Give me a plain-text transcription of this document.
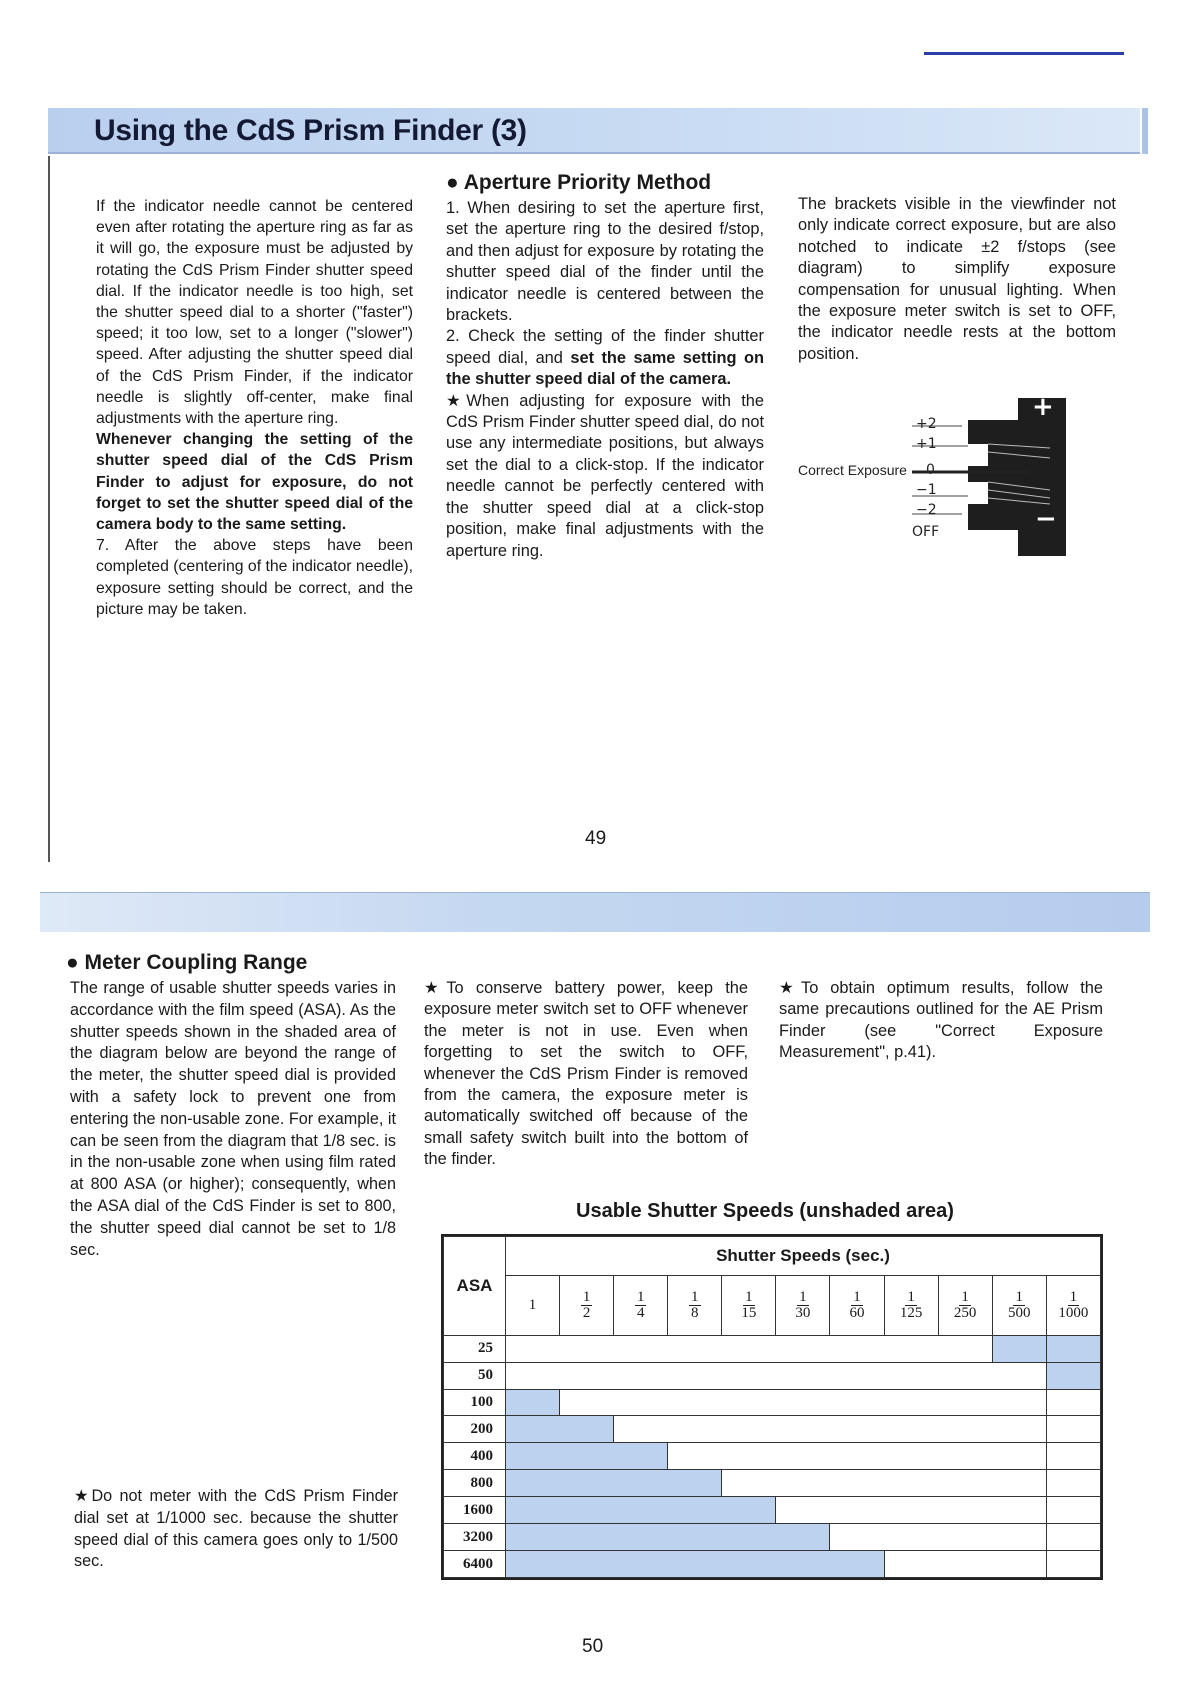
Using the CdS Prism Finder (3)

If the indicator needle cannot be centered even after rotating the aperture ring as far as it will go, the exposure must be adjusted by rotating the CdS Prism Finder shutter speed dial. If the indicator needle is too high, set the shutter speed dial to a shorter ("faster") speed; it too low, set to a longer ("slower") speed. After adjusting the shutter speed dial of the CdS Prism Finder, if the indicator needle is slightly off-center, make final adjustments with the aperture ring.

Whenever changing the setting of the shutter speed dial of the CdS Prism Finder to adjust for exposure, do not forget to set the shutter speed dial of the camera body to the same setting.

7. After the above steps have been completed (centering of the indicator needle), exposure setting should be correct, and the picture may be taken.

● Aperture Priority Method

1. When desiring to set the aperture first, set the aperture ring to the desired f/stop, and then adjust for exposure by rotating the shutter speed dial of the finder until the indicator needle is centered between the brackets.

2. Check the setting of the finder shutter speed dial, and set the same setting on the shutter speed dial of the camera.

★When adjusting for exposure with the CdS Prism Finder shutter speed dial, do not use any intermediate positions, but always set the dial to a click-stop. If the indicator needle cannot be perfectly centered with the shutter speed dial at a click-stop position, make final adjustments with the aperture ring.

The brackets visible in the viewfinder not only indicate correct exposure, but are also notched to indicate ±2 f/stops (see diagram) to simplify exposure compensation for unusual lighting. When the exposure meter switch is set to OFF, the indicator needle rests at the bottom position.

+
−
+2
+1
Correct Exposure 0
−1
−2
OFF
49
● Meter Coupling Range

The range of usable shutter speeds varies in accordance with the film speed (ASA). As the shutter speeds shown in the shaded area of the diagram below are beyond the range of the meter, the shutter speed dial is provided with a safety lock to prevent one from entering the non-usable zone. For example, it can be seen from the diagram that 1/8 sec. is in the non-usable zone when using film rated at 800 ASA (or higher); consequently, when the ASA dial of the CdS Finder is set to 800, the shutter speed dial cannot be set to 1/8 sec.

★Do not meter with the CdS Prism Finder dial set at 1/1000 sec. because the shutter speed dial of this camera goes only to 1/500 sec.

★To conserve battery power, keep the exposure meter switch set to OFF whenever the meter is not in use. Even when forgetting to set the switch to OFF, whenever the CdS Prism Finder is removed from the camera, the exposure meter is automatically switched off because of the small safety switch built into the bottom of the finder.

★To obtain optimum results, follow the same precautions outlined for the AE Prism Finder (see "Correct Exposure Measurement", p.41).

Usable Shutter Speeds (unshaded area)
ASA	Shutter Speeds (sec.)										
	1	$\frac{1}{2}$	$\frac{1}{4}$	$\frac{1}{8}$	$\frac{1}{15}$	$\frac{1}{30}$	$\frac{1}{60}$	$\frac{1}{125}$	$\frac{1}{250}$	$\frac{1}{500}$	$\frac{1}{1000}$

25											
50											
100											
200											
400											
800											
1600											
3200											
6400											
50
